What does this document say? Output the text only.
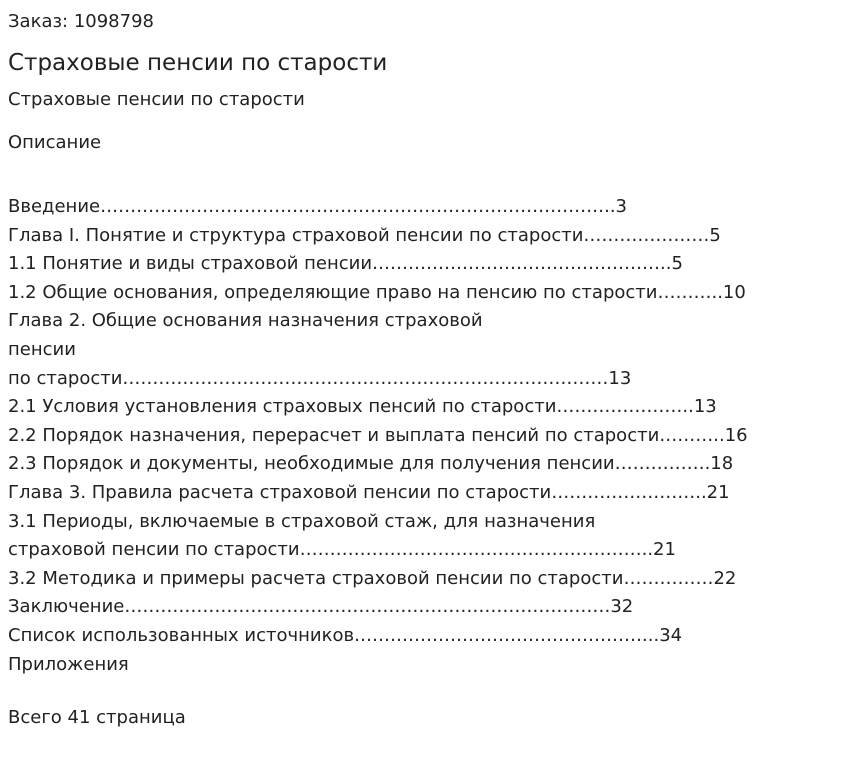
Заказ: 1098798
Страховые пенсии по старости
Страховые пенсии по старости
Описание
Введение…………………………………………………………………………..3
Глава I. Понятие и структура страховой пенсии по старости…………………5
1.1 Понятие и виды страховой пенсии…………………………………………..5
1.2 Общие основания, определяющие право на пенсию по старости………..10
Глава 2. Общие основания назначения страховой
пенсии
по старости………………………………………………………………………13
2.1 Условия установления страховых пенсий по старости…………………..13
2.2 Порядок назначения, перерасчет и выплата пенсий по старости………..16
2.3 Порядок и документы, необходимые для получения пенсии…………….18
Глава 3. Правила расчета страховой пенсии по старости……………………..21
3.1 Периоды, включаемые в страховой стаж, для назначения
страховой пенсии по старости…………………………………………………..21
3.2 Методика и примеры расчета страховой пенсии по старости……………22
Заключение………………………………………………………………………32
Список использованных источников…………………………………………...34
Приложения
Всего 41 страница
